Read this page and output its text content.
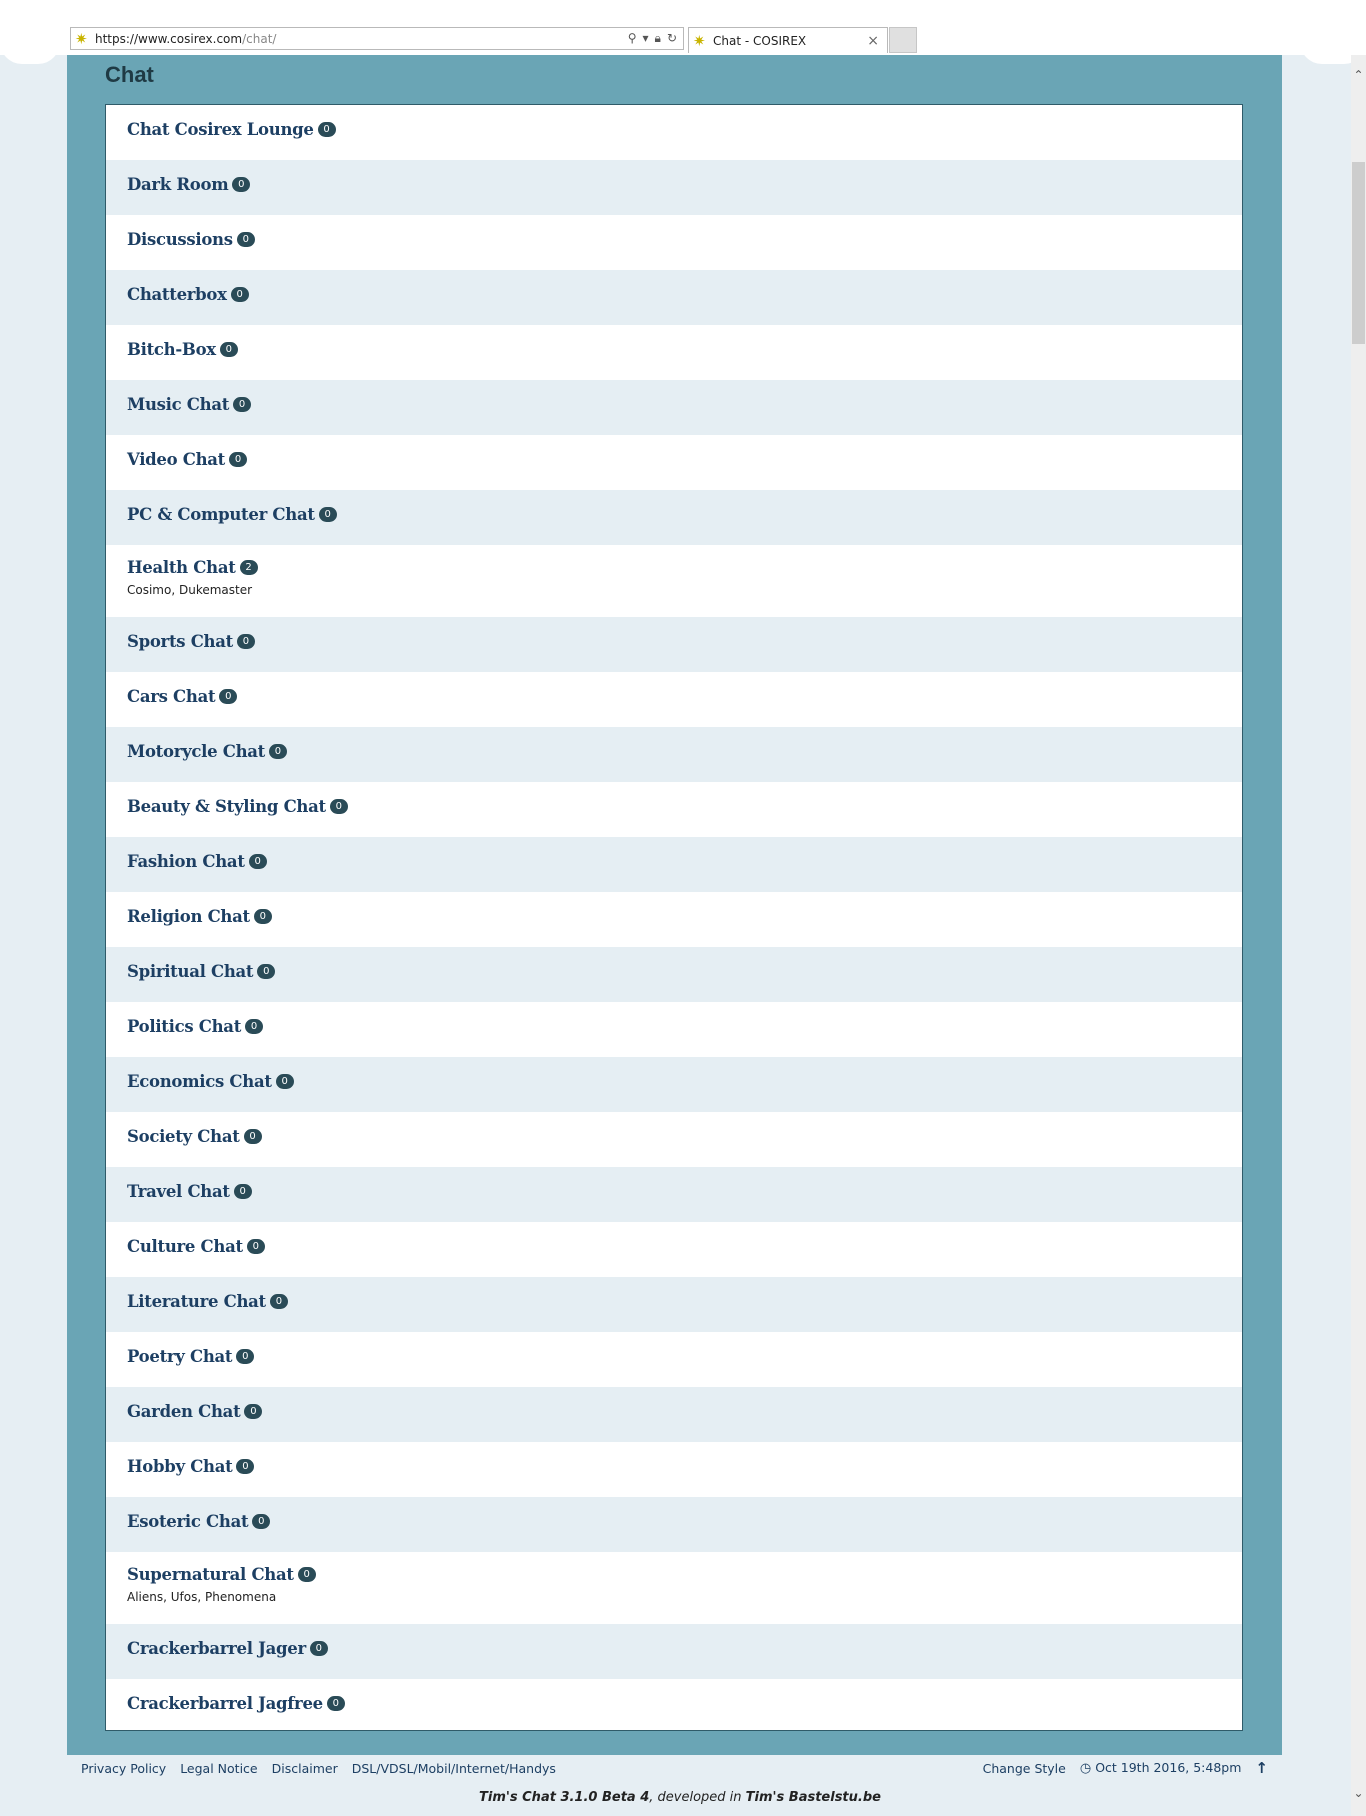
✷ https://www.cosirex.com /chat/	⚲ ▾ 🔒︎ ↻ ✷ Chat - COSIREX	×
Chat
Chat Cosirex Lounge 0
Dark Room 0
Discussions 0
Chatterbox 0
Bitch-Box 0
Music Chat 0
Video Chat 0
PC & Computer Chat 0
Health Chat 2
Cosimo, Dukemaster
Sports Chat 0
Cars Chat 0
Motorycle Chat 0
Beauty & Styling Chat 0
Fashion Chat 0
Religion Chat 0
Spiritual Chat 0
Politics Chat 0
Economics Chat 0
Society Chat 0
Travel Chat 0
Culture Chat 0
Literature Chat 0
Poetry Chat 0
Garden Chat 0
Hobby Chat 0
Esoteric Chat 0
Supernatural Chat 0
Aliens, Ufos, Phenomena
Crackerbarrel Jager 0
Crackerbarrel Jagfree 0
⌃
⌄
Privacy Policy Legal Notice Disclaimer DSL/VDSL/Mobil/Internet/Handys	Change Style ◷ Oct 19th 2016, 5:48pm ↑
Tim's Chat 3.1.0 Beta 4, developed in Tim's Bastelstu.be
